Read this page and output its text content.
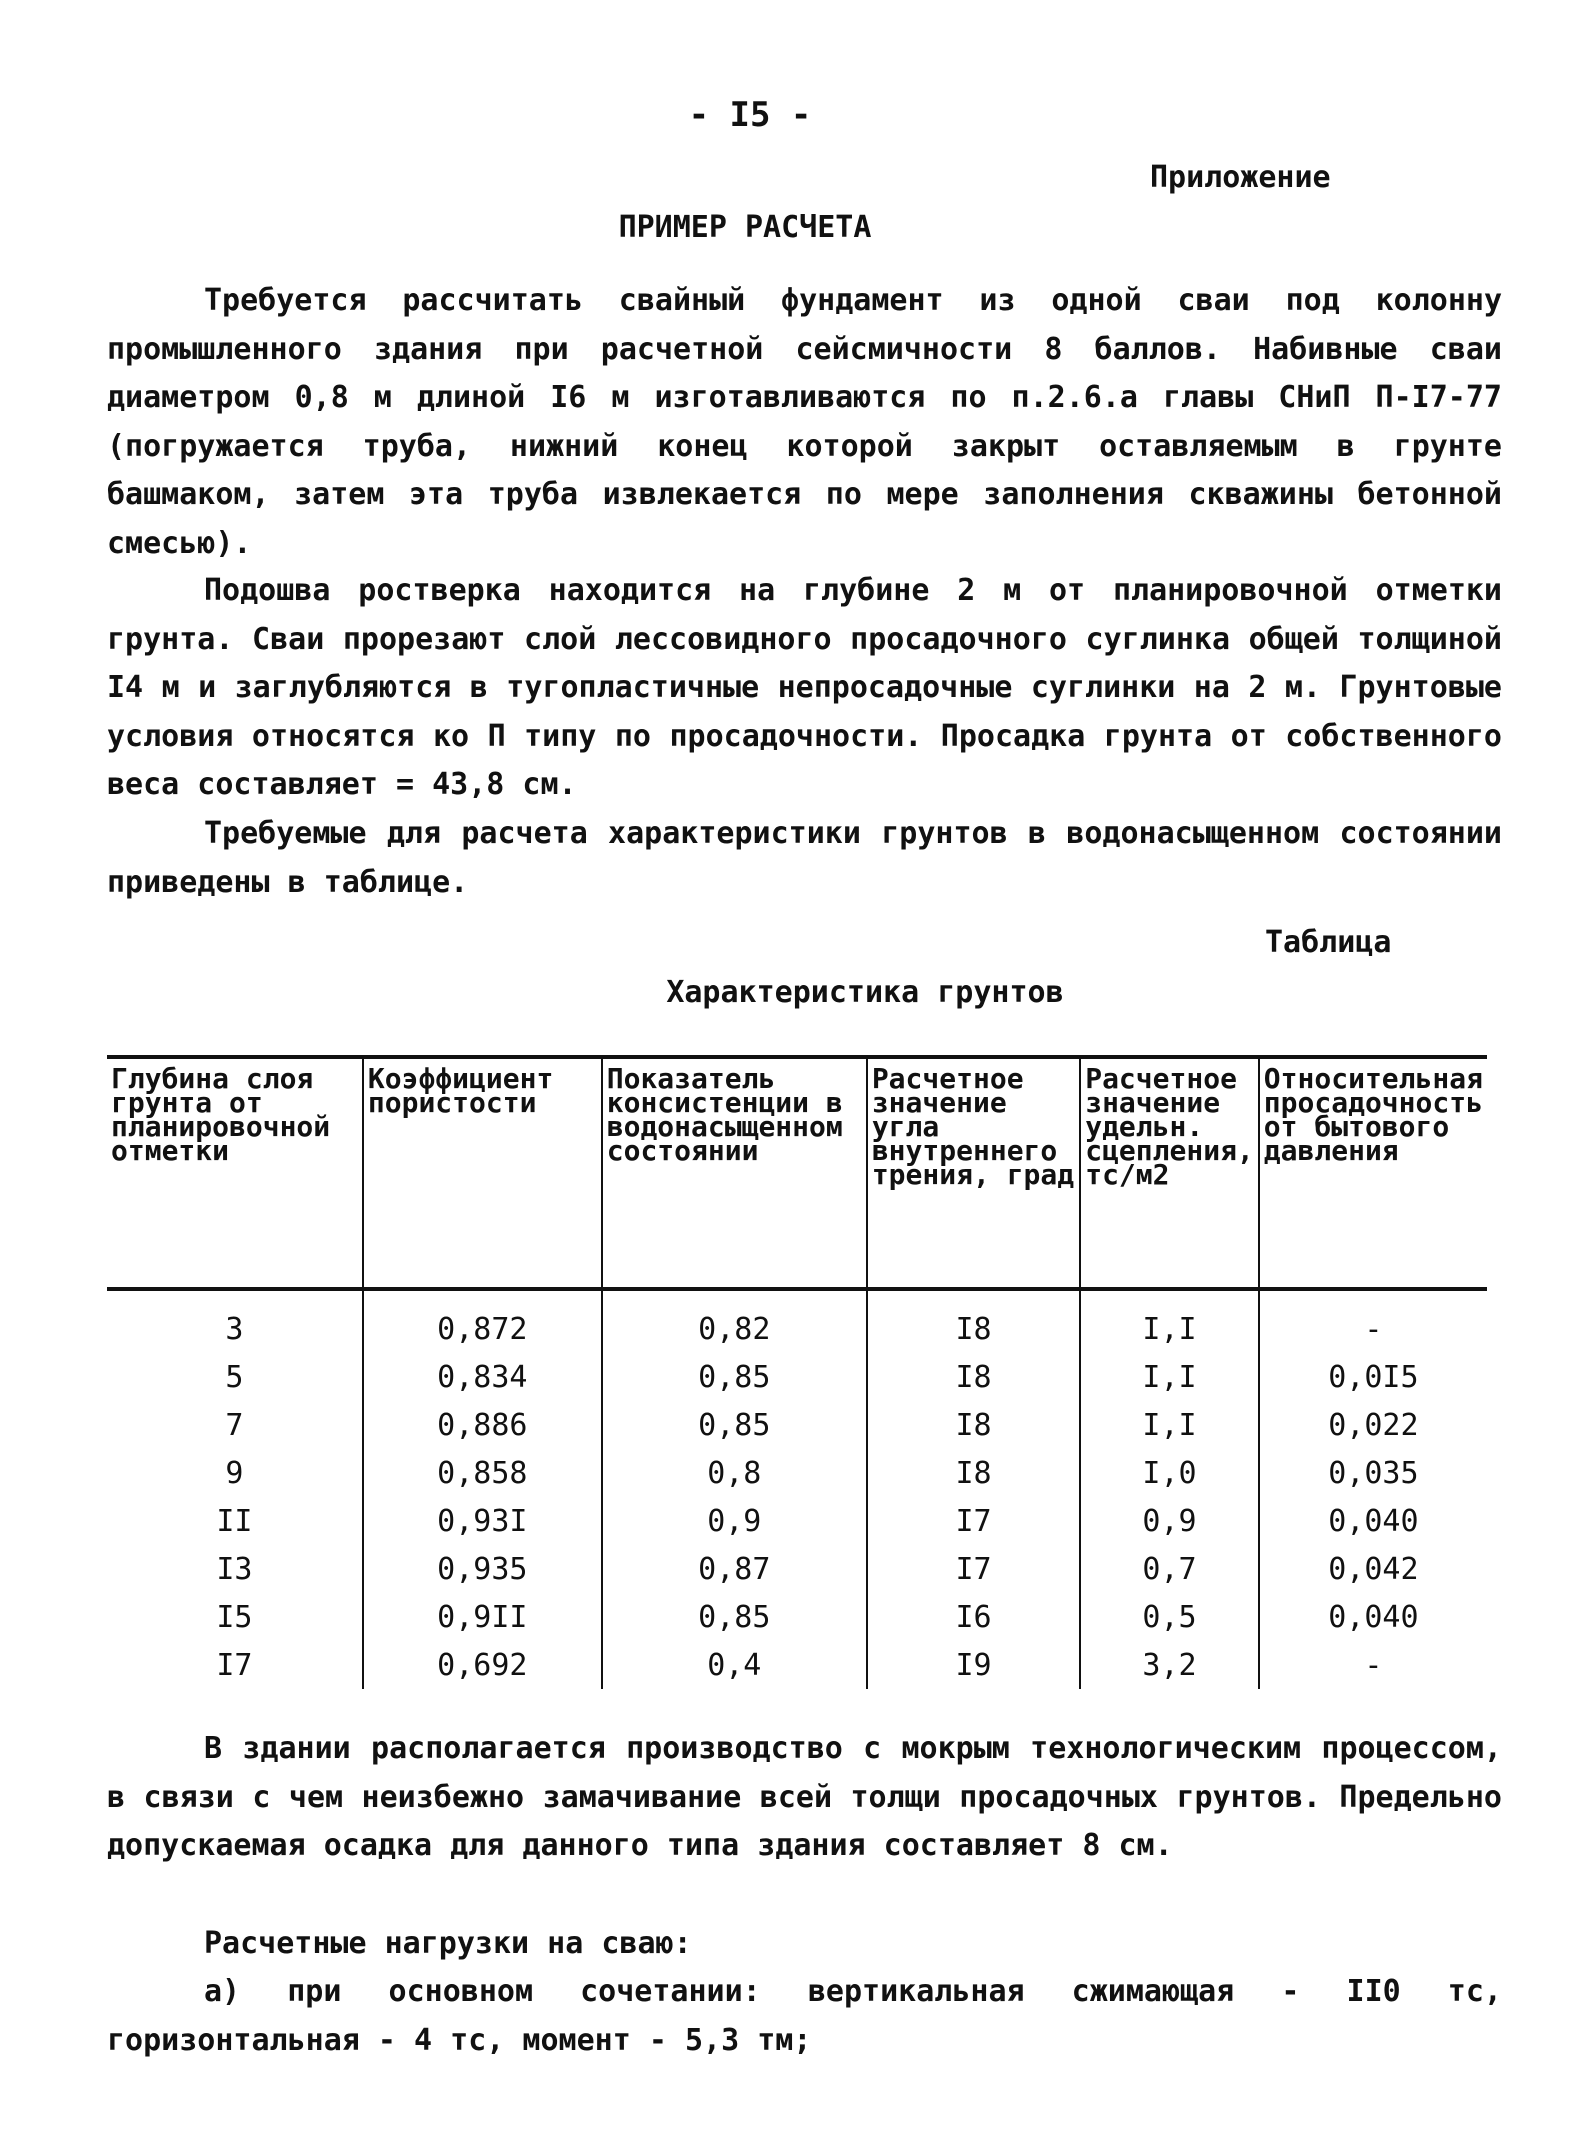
- I5 -
Приложение
ПРИМЕР РАСЧЕТА

Требуется рассчитать свайный фундамент из одной сваи под колонну промышленного здания при расчетной сейсмичности 8 баллов. Набивные сваи диаметром 0,8 м длиной I6 м изготавливаются по п.2.6.а главы СНиП П-I7-77 (погружается труба, нижний конец которой закрыт оставляемым в грунте башмаком, затем эта труба извлекается по мере заполнения скважины бетонной смесью).

Подошва ростверка находится на глубине 2 м от планировочной отметки грунта. Сваи прорезают слой лессовидного просадочного суглинка общей толщиной I4 м и заглубляются в тугопластичные непросадочные суглинки на 2 м. Грунтовые условия относятся ко П типу по просадочности. Просадка грунта от собственного веса составляет = 43,8 см.

Требуемые для расчета характеристики грунтов в водонасыщенном состоянии приведены в таблице.

Таблица
Характеристика грунтов
Глубина слоя грунта от планировочной отметки	Коэффициент пористости	Показатель консистенции в водонасыщенном состоянии	Расчетное значение угла внутреннего трения, град	Расчетное значение удельн. сцепления, тс/м2	Относительная просадочность от бытового давления
3	0,872	0,82	I8	I,I	-
5	0,834	0,85	I8	I,I	0,0I5
7	0,886	0,85	I8	I,I	0,022
9	0,858	0,8	I8	I,0	0,035
II	0,93I	0,9	I7	0,9	0,040
I3	0,935	0,87	I7	0,7	0,042
I5	0,9II	0,85	I6	0,5	0,040
I7	0,692	0,4	I9	3,2	-

В здании располагается производство с мокрым технологическим процессом, в связи с чем неизбежно замачивание всей толщи просадочных грунтов. Предельно допускаемая осадка для данного типа здания составляет 8 см.

Расчетные нагрузки на сваю:

а) при основном сочетании: вертикальная сжимающая - II0 тс, горизонтальная - 4 тс, момент - 5,3 тм;
